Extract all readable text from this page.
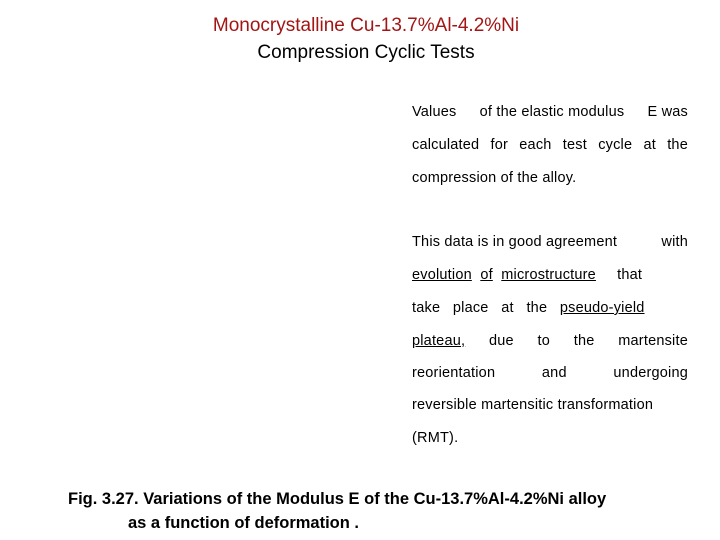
Monocrystalline Cu-13.7%Al-4.2%Ni
Compression Cyclic Tests
Values of the elastic modulus E was
calculated for each test cycle at the
compression of the alloy.
This data is in good agreement	with
evolution of microstructure that
take place at the pseudo-yield
plateau, due to the martensite
reorientation	and	undergoing
reversible martensitic transformation
(RMT).
Fig. 3.27. Variations of the Modulus E of the Cu-13.7%Al-4.2%Ni alloy
as a function of deformation .
